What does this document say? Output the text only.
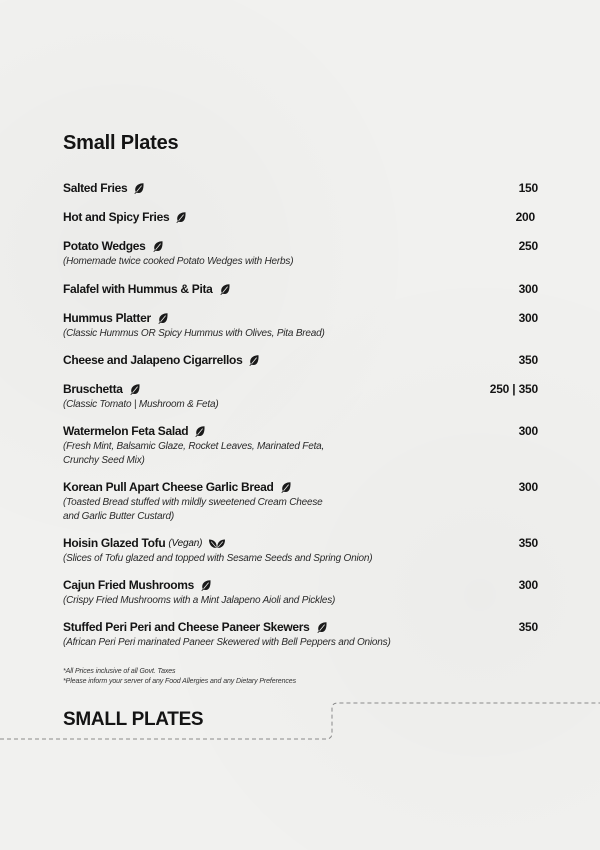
Small Plates
Salted Fries	150
Hot and Spicy Fries	200
Potato Wedges	250
(Homemade twice cooked Potato Wedges with Herbs)
Falafel with Hummus & Pita	300
Hummus Platter	300
(Classic Hummus OR Spicy Hummus with Olives, Pita Bread)
Cheese and Jalapeno Cigarrellos	350
Bruschetta	250 | 350
(Classic Tomato | Mushroom & Feta)
Watermelon Feta Salad	300
(Fresh Mint, Balsamic Glaze, Rocket Leaves, Marinated Feta, Crunchy Seed Mix)
Korean Pull Apart Cheese Garlic Bread	300
(Toasted Bread stuffed with mildly sweetened Cream Cheese and Garlic Butter Custard)
Hoisin Glazed Tofu (Vegan)	350
(Slices of Tofu glazed and topped with Sesame Seeds and Spring Onion)
Cajun Fried Mushrooms	300
(Crispy Fried Mushrooms with a Mint Jalapeno Aioli and Pickles)
Stuffed Peri Peri and Cheese Paneer Skewers	350
(African Peri Peri marinated Paneer Skewered with Bell Peppers and Onions)
*All Prices inclusive of all Govt. Taxes
*Please inform your server of any Food Allergies and any Dietary Preferences
SMALL PLATES
